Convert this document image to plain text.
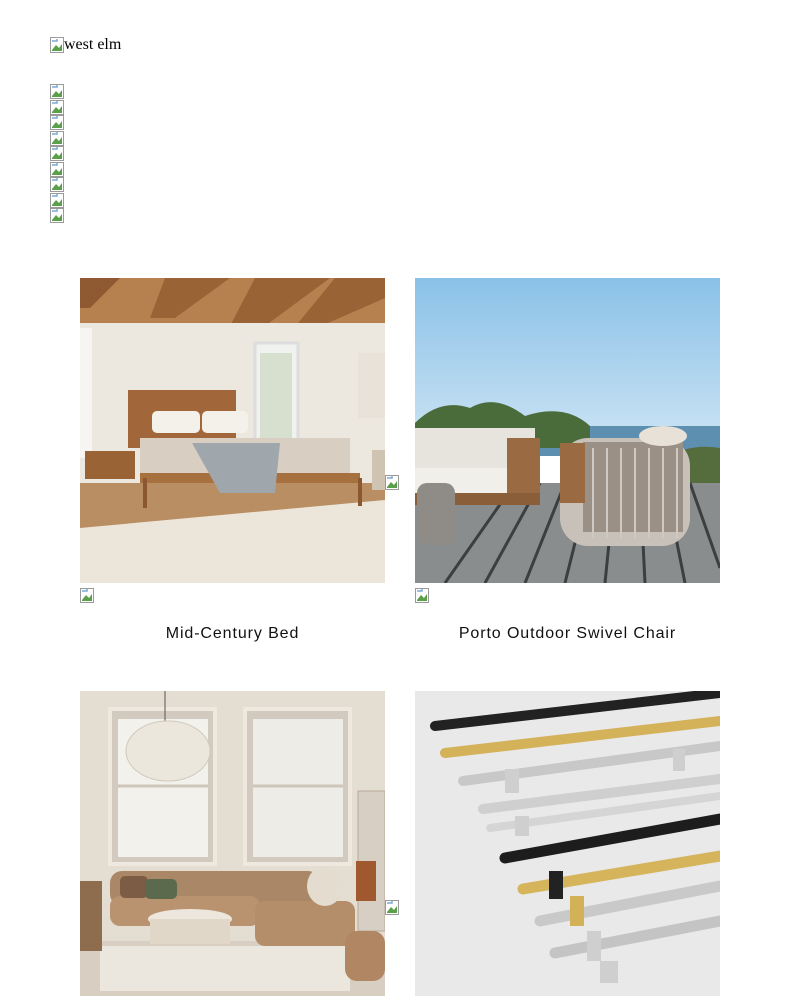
west elm
Mid-Century Bed	Porto Outdoor Swivel Chair
